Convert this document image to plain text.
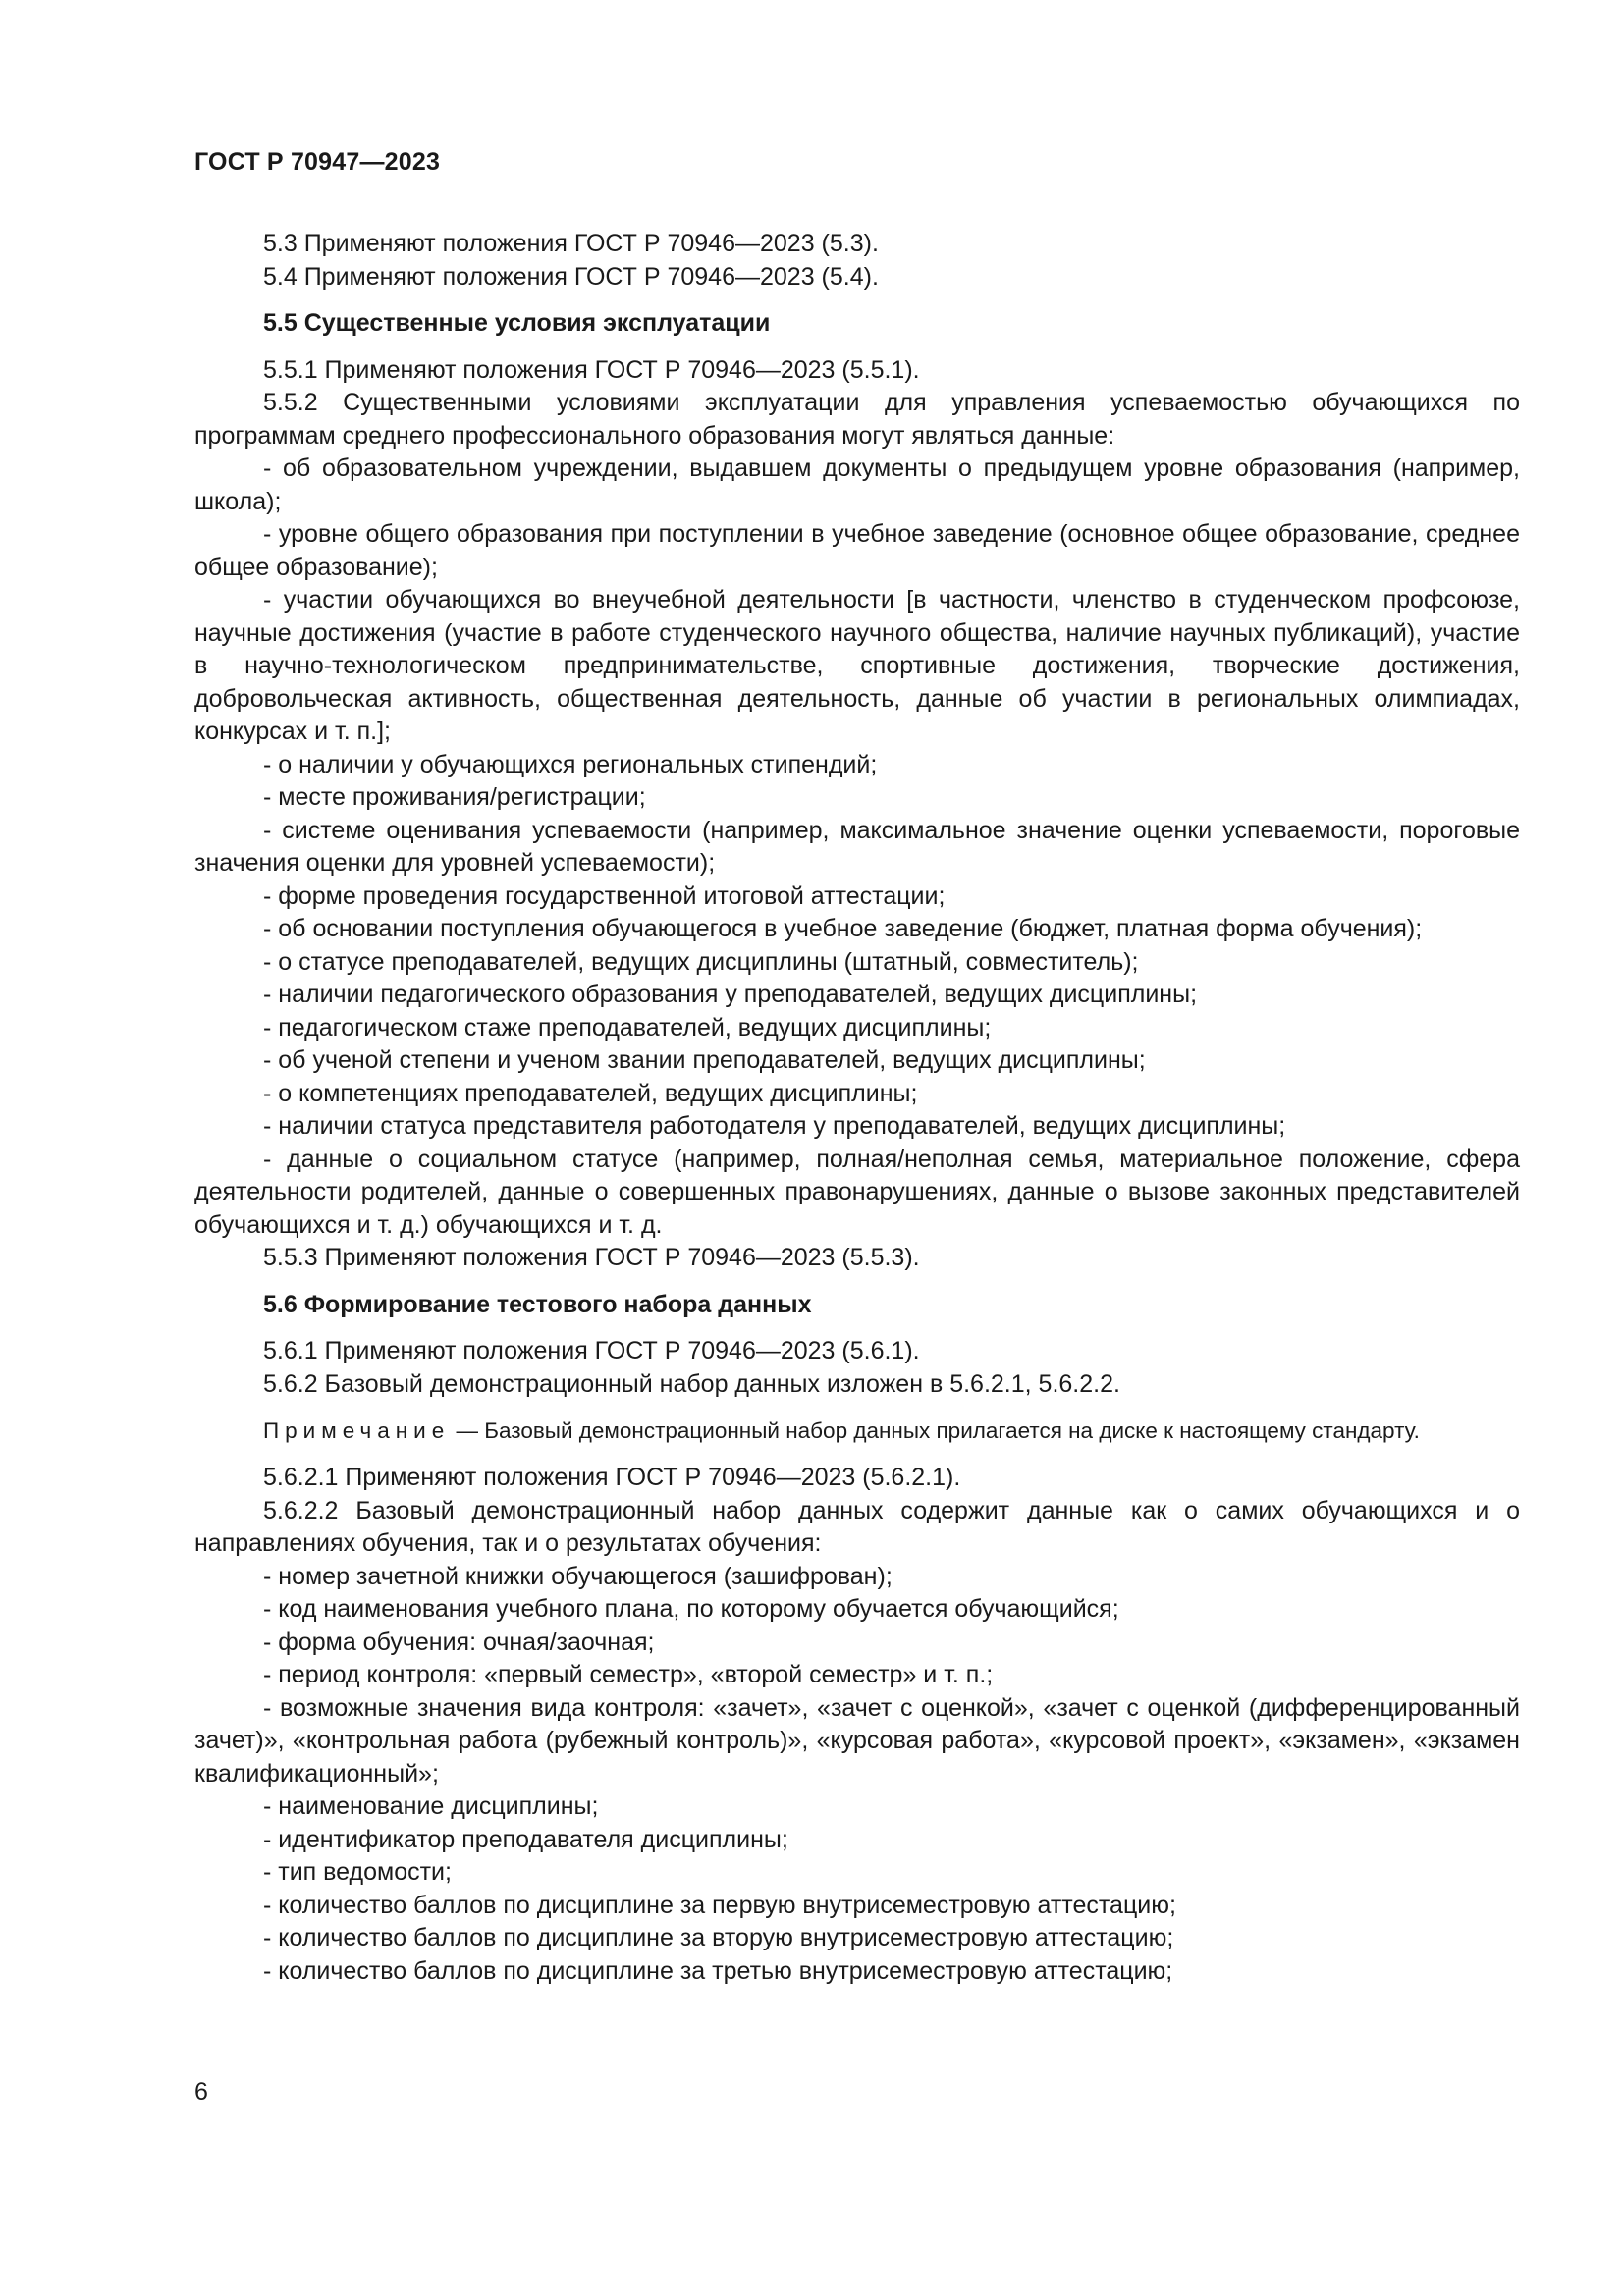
ГОСТ Р 70947—2023

5.3 Применяют положения ГОСТ Р 70946—2023 (5.3).

5.4 Применяют положения ГОСТ Р 70946—2023 (5.4).

5.5 Существенные условия эксплуатации

5.5.1 Применяют положения ГОСТ Р 70946—2023 (5.5.1).

5.5.2 Существенными условиями эксплуатации для управления успеваемостью обучающихся по программам среднего профессионального образования могут являться данные:

- об образовательном учреждении, выдавшем документы о предыдущем уровне образования (например, школа);

- уровне общего образования при поступлении в учебное заведение (основное общее образование, среднее общее образование);

- участии обучающихся во внеучебной деятельности [в частности, членство в студенческом профсоюзе, научные достижения (участие в работе студенческого научного общества, наличие научных публикаций), участие в научно-технологическом предпринимательстве, спортивные достижения, творческие достижения, добровольческая активность, общественная деятельность, данные об участии в региональных олимпиадах, конкурсах и т. п.];

- о наличии у обучающихся региональных стипендий;

- месте проживания/регистрации;

- системе оценивания успеваемости (например, максимальное значение оценки успеваемости, пороговые значения оценки для уровней успеваемости);

- форме проведения государственной итоговой аттестации;

- об основании поступления обучающегося в учебное заведение (бюджет, платная форма обучения);

- о статусе преподавателей, ведущих дисциплины (штатный, совместитель);

- наличии педагогического образования у преподавателей, ведущих дисциплины;

- педагогическом стаже преподавателей, ведущих дисциплины;

- об ученой степени и ученом звании преподавателей, ведущих дисциплины;

- о компетенциях преподавателей, ведущих дисциплины;

- наличии статуса представителя работодателя у преподавателей, ведущих дисциплины;

- данные о социальном статусе (например, полная/неполная семья, материальное положение, сфера деятельности родителей, данные о совершенных правонарушениях, данные о вызове законных представителей обучающихся и т. д.) обучающихся и т. д.

5.5.3 Применяют положения ГОСТ Р 70946—2023 (5.5.3).

5.6 Формирование тестового набора данных

5.6.1 Применяют положения ГОСТ Р 70946—2023 (5.6.1).

5.6.2 Базовый демонстрационный набор данных изложен в 5.6.2.1, 5.6.2.2.

Примечание — Базовый демонстрационный набор данных прилагается на диске к настоящему стандарту.

5.6.2.1 Применяют положения ГОСТ Р 70946—2023 (5.6.2.1).

5.6.2.2 Базовый демонстрационный набор данных содержит данные как о самих обучающихся и о направлениях обучения, так и о результатах обучения:

- номер зачетной книжки обучающегося (зашифрован);

- код наименования учебного плана, по которому обучается обучающийся;

- форма обучения: очная/заочная;

- период контроля: «первый семестр», «второй семестр» и т. п.;

- возможные значения вида контроля: «зачет», «зачет с оценкой», «зачет с оценкой (дифференцированный зачет)», «контрольная работа (рубежный контроль)», «курсовая работа», «курсовой проект», «экзамен», «экзамен квалификационный»;

- наименование дисциплины;

- идентификатор преподавателя дисциплины;

- тип ведомости;

- количество баллов по дисциплине за первую внутрисеместровую аттестацию;

- количество баллов по дисциплине за вторую внутрисеместровую аттестацию;

- количество баллов по дисциплине за третью внутрисеместровую аттестацию;

6
